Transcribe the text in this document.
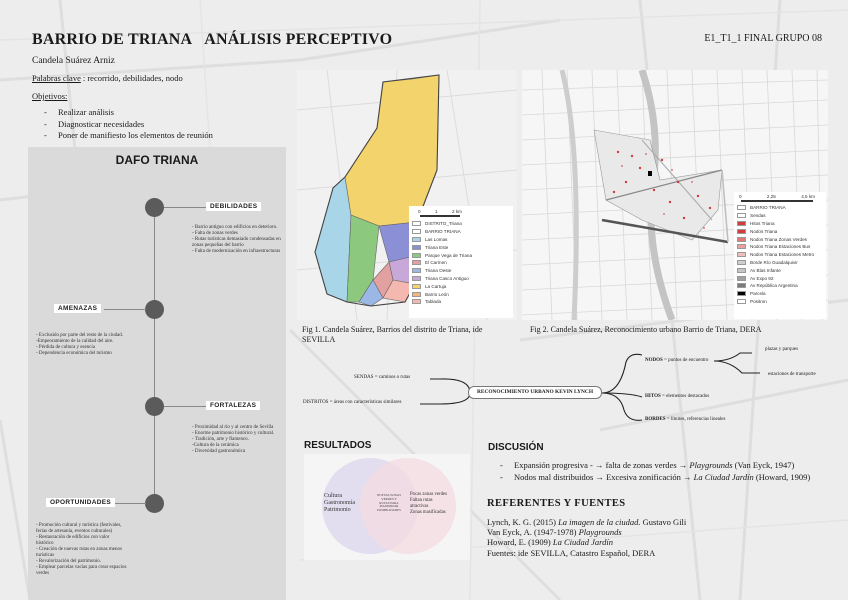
BARRIO DE TRIANA ANÁLISIS PERCEPTIVO	E1_T1_1 FINAL GRUPO 08
Candela Suárez Arniz
Palabras clave : recorrido, debilidades, nodo
Objetivos:
- Realizar análisis
- Diagnosticar necesidades
- Poner de manifiesto los elementos de reunión
DAFO TRIANA
DEBILIDADES
- Barrio antiguo con edificios en deterioro.
- Falta de zonas verdes
- Rutas turísticas demasiado condensadas en zonas pequeñas del barrio
- Falta de modernización en infraestructuras
AMENAZAS
- Exclusión por parte del resto de la ciudad.
-Empeoramiento de la calidad del aire.
- Pérdida de cultura y esencia
- Dependencia económica del turismo
FORTALEZAS
- Proximidad al río y al centro de Sevilla
- Enorme patrimonio histórico y cultural.
- Tradición, arte y flamenco.
-Cultura de la cerámica
- Diversidad gastronómica
OPORTUNIDADES
- Promoción cultural y turística (festivales, ferias de artesanía, eventos culturales)
- Restauración de edificios con valor histórico
- Creación de nuevas rutas en zonas menos turísticas
- Revalorización del patrimonio.
- Emplear parcelas vacías para crear espacios verdes
0	1	2 km
DISTRITO_Triana
BARRIO TRIANA
Las Lomas
Triana Este
Parque Vega de Triana
El Carmen
Triana Oeste
Triana Casco Antiguo
La Cartuja
Barrio León
Tablada
Fig 1. Candela Suárez, Barrios del distrito de Triana, ide SEVILLA
0	2,25	4,5 km
BARRIO TRIANA
Sendas
Hitos Triana
Nodos Triana
Nodos Triana Zonas Verdes
Nodos Triana Estaciones Bus
Nodos Triana Estaciones Metro
Borde Río Guadalquivir
Av Blas Infante
Av Expo 92
Av República Argentina
Parcela
Positron
Fig 2. Candela Suárez, Reconocimiento urbano Barrio de Triana, DERA
RECONOCIMIENTO URBANO KEVIN LYNCH
SENDAS = caminos o rutas
DISTRITOS = áreas con características similares
NODOS = puntos de encuentro
plazas y parques
estaciones de transporte
HITOS = elementos destacados
BORDES = límites, referencias lineales
RESULTADOS
Cultura
Gastronomía
Patrimonio
NUEVAS ZONAS
VERDES Y
RUTAS PARA
MAXIMIZAR
POSIBILIDADES
Pocas zonas verdes
Faltan rutas
atractivas
Zonas masificadas
DISCUSIÓN
- Expansión progresiva - → falta de zonas verdes → Playgrounds (Van Eyck, 1947)
- Nodos mal distribuidos → Excesiva zonificación → La Ciudad Jardín (Howard, 1909)
REFERENTES Y FUENTES
Lynch, K. G. (2015) La imagen de la ciudad. Gustavo Gili
Van Eyck, A. (1947-1978) Playgrounds
Howard, E. (1909) La Ciudad Jardín
Fuentes: ide SEVILLA, Catastro Español, DERA
